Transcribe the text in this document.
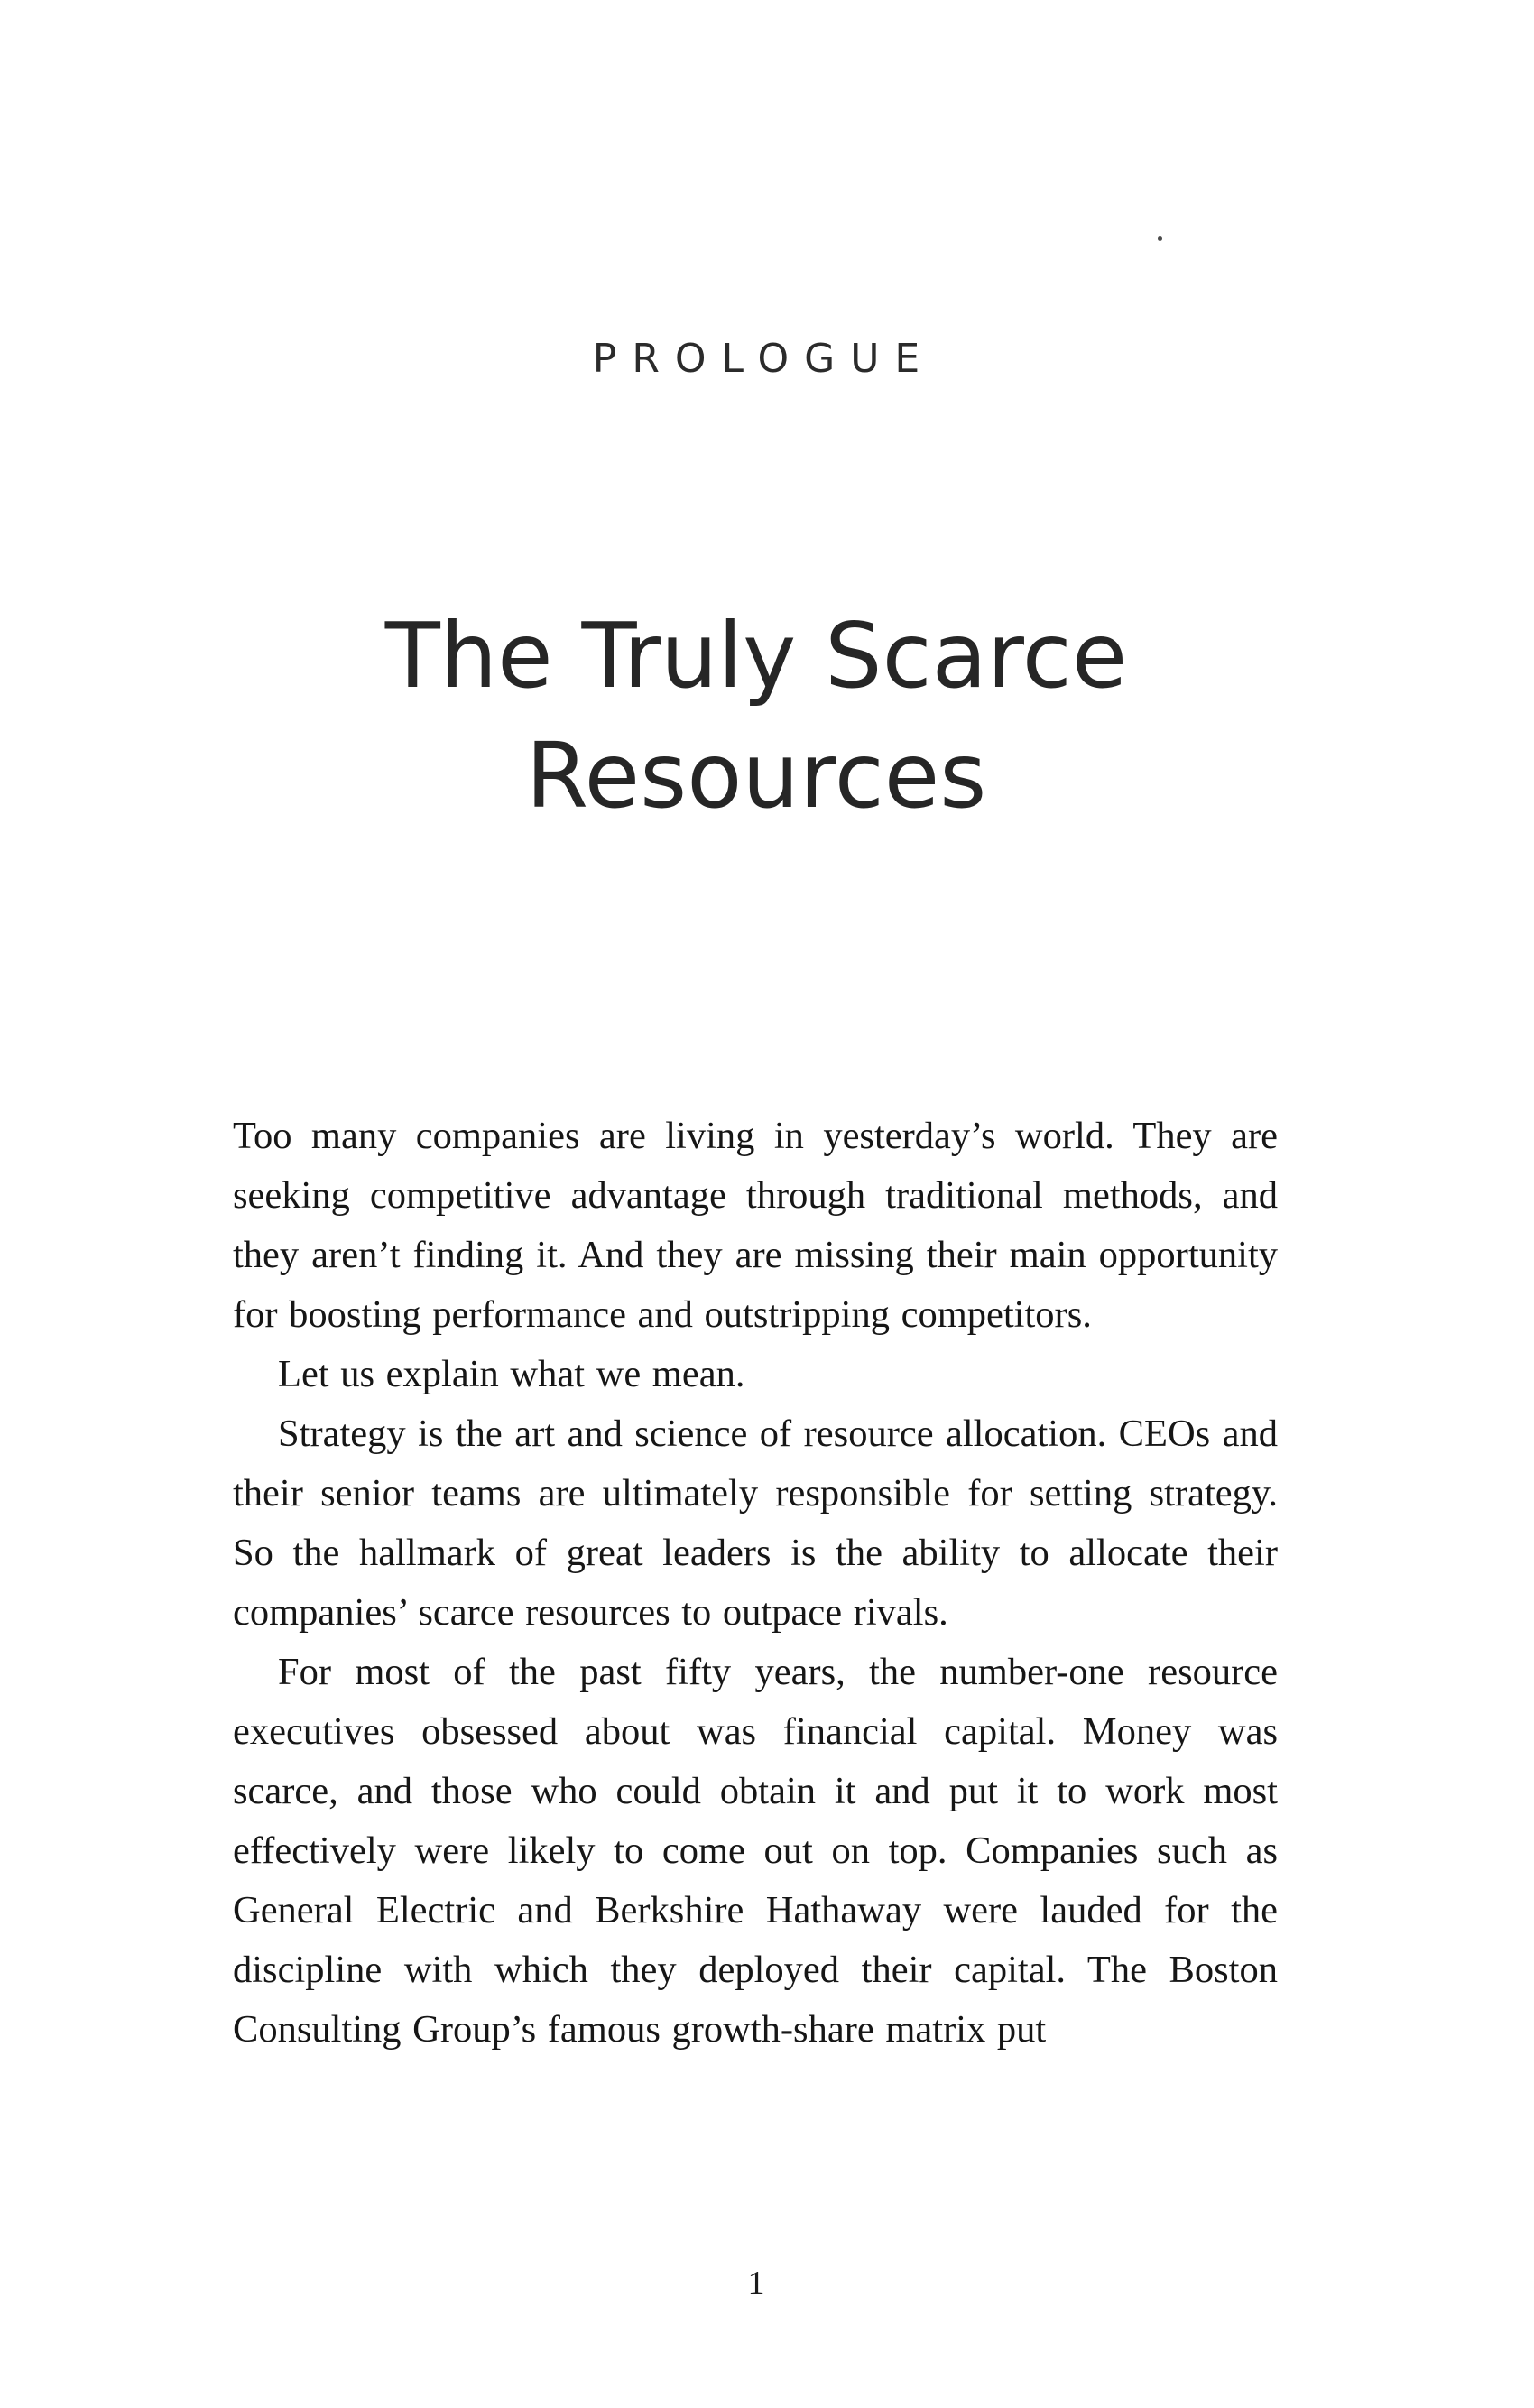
PROLOGUE
The Truly Scarce
Resources

Too many companies are living in yesterday’s world. They are seeking competitive advantage through traditional methods, and they aren’t finding it. And they are missing their main opportunity for boosting performance and outstripping competitors.

Let us explain what we mean.

Strategy is the art and science of resource allocation. CEOs and their senior teams are ultimately responsible for setting strategy. So the hallmark of great leaders is the ability to allocate their companies’ scarce resources to outpace rivals.

For most of the past fifty years, the number-one resource executives obsessed about was financial capital. Money was scarce, and those who could obtain it and put it to work most effectively were likely to come out on top. Companies such as General Electric and Berkshire Hathaway were lauded for the discipline with which they deployed their capital. The Boston Consulting Group’s famous growth-share matrix put

1
